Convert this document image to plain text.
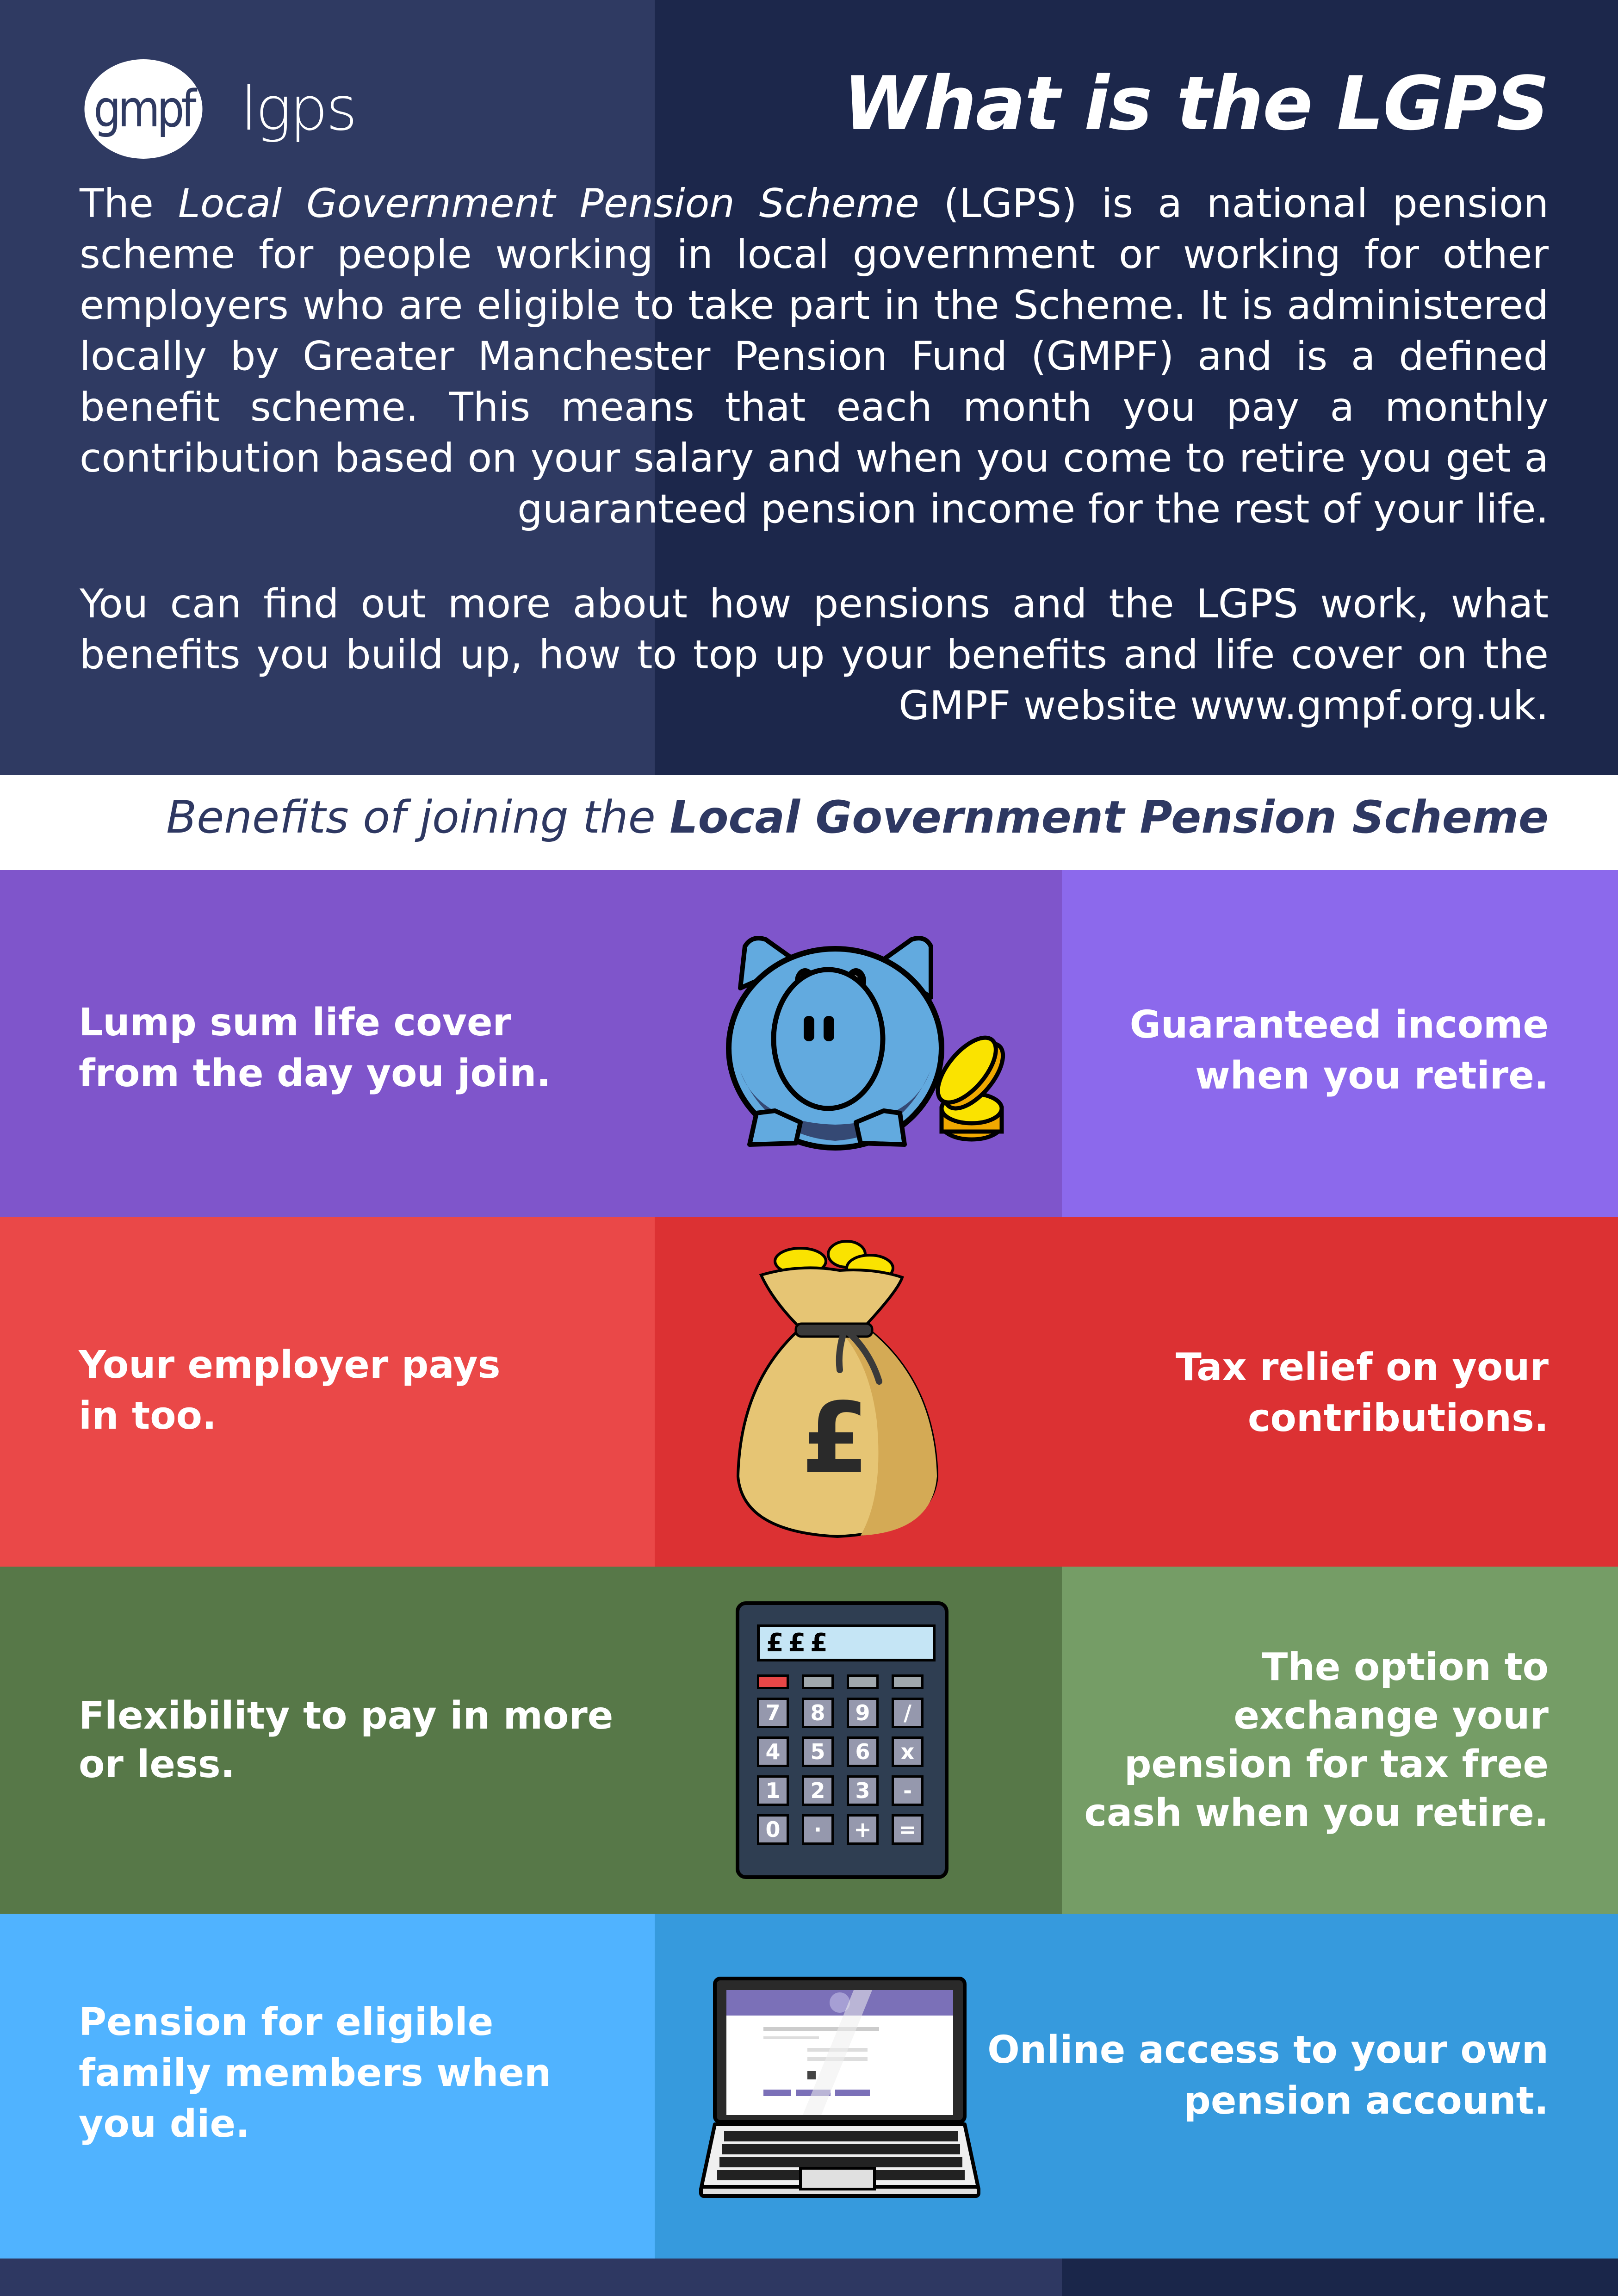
gmpf lgps	What is the LGPS

The Local Government Pension Scheme (LGPS) is a national pension scheme for people working in local government or working for other employers who are eligible to take part in the Scheme. It is administered locally by Greater Manchester Pension Fund (GMPF) and is a defined benefit scheme. This means that each month you pay a monthly contribution based on your salary and when you come to retire you get a guaranteed pension income for the rest of your life.

You can find out more about how pensions and the LGPS work, what benefits you build up, how to top up your benefits and life cover on the GMPF website www.gmpf.org.uk.

Benefits of joining the Local Government Pension Scheme
Lump sum life cover
from the day you join.
Guaranteed income
when you retire.
Your employer pays
in too.
Tax relief on your
contributions.
£
Flexibility to pay in more
or less.
The option to
exchange your
pension for tax free
cash when you retire.
£££
7	8	9	/
4	5	6	x
1	2	3	-
0	·	+	=
Pension for eligible
family members when
you die.
Online access to your own
pension account.
